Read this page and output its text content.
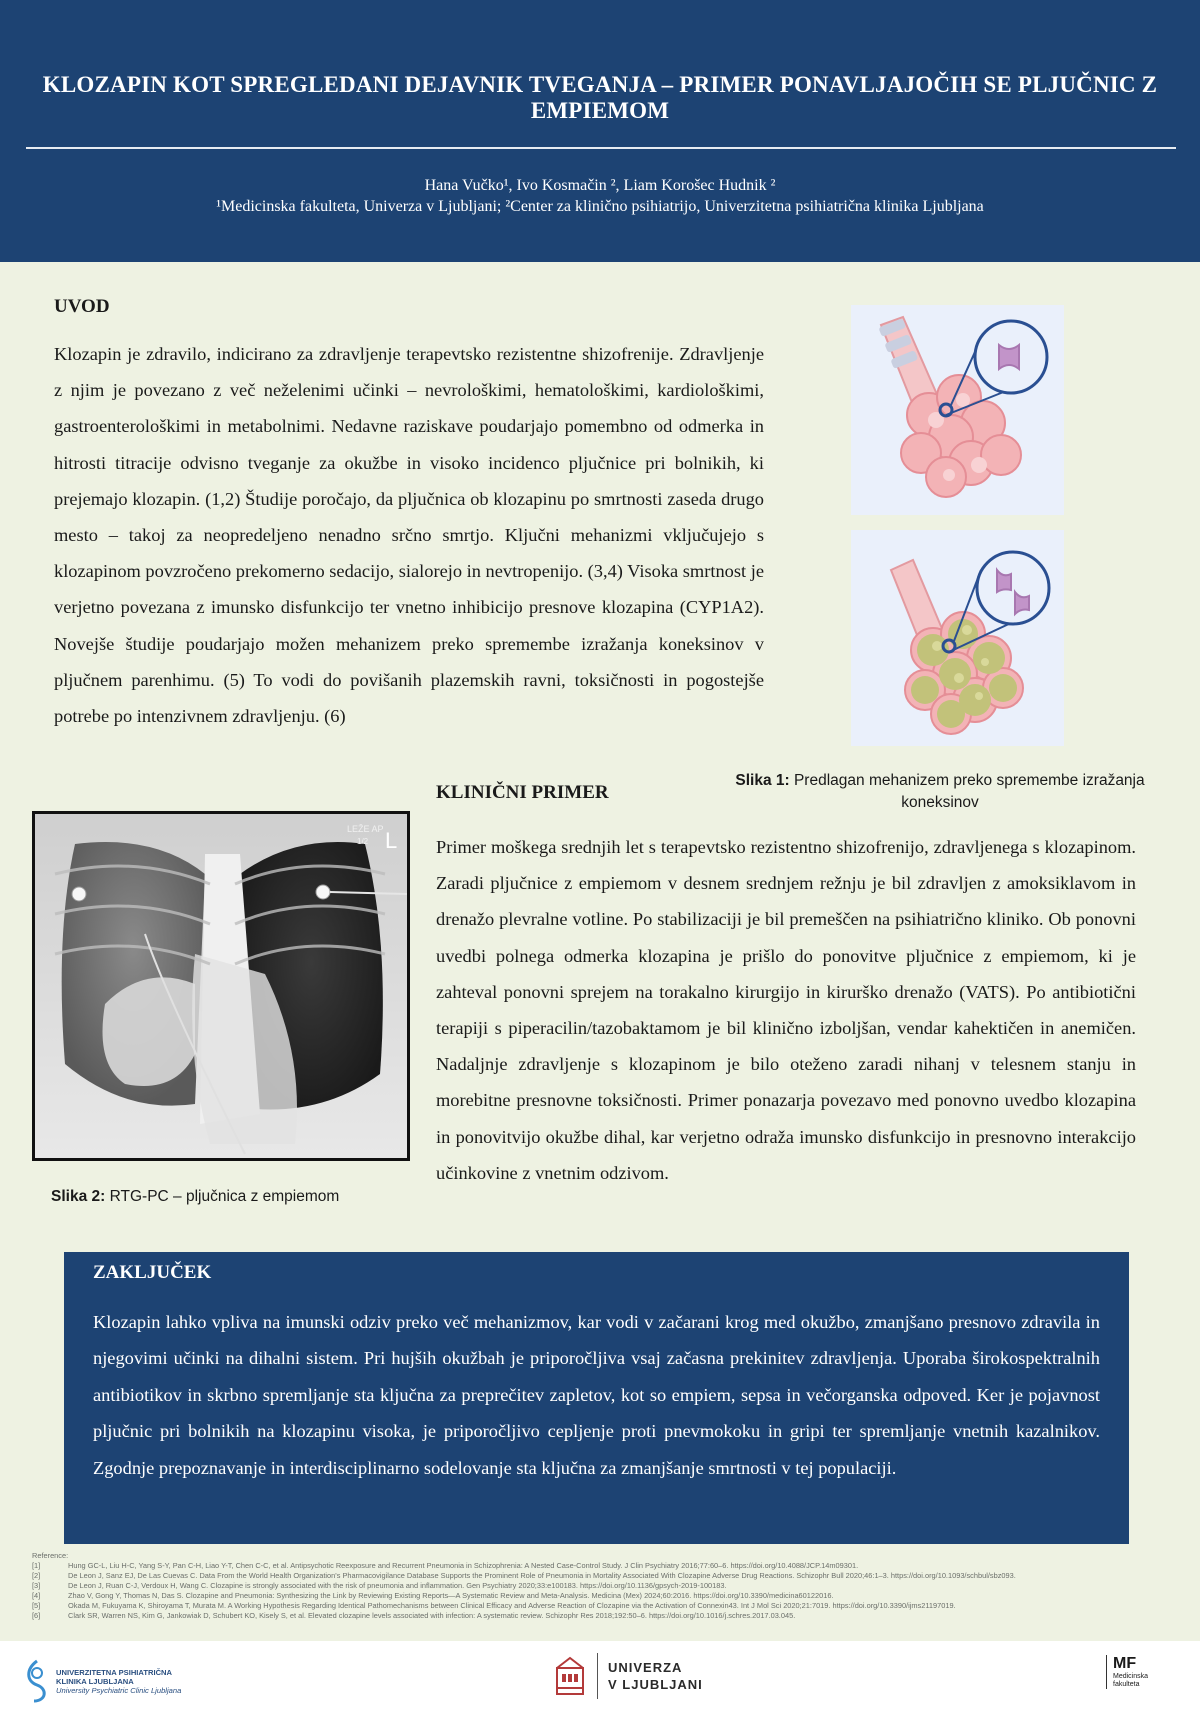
KLOZAPIN KOT SPREGLEDANI DEJAVNIK TVEGANJA – PRIMER PONAVLJAJOČIH SE PLJUČNIC Z EMPIEMOM
Hana Vučko¹, Ivo Kosmačin ², Liam Korošec Hudnik ²
¹Medicinska fakulteta, Univerza v Ljubljani; ²Center za klinično psihiatrijo, Univerzitetna psihiatrična klinika Ljubljana
UVOD
Klozapin je zdravilo, indicirano za zdravljenje terapevtsko rezistentne shizofrenije. Zdravljenje z njim je povezano z več neželenimi učinki – nevrološkimi, hematološkimi, kardiološkimi, gastroenterološkimi in metabolnimi. Nedavne raziskave poudarjajo pomembno od odmerka in hitrosti titracije odvisno tveganje za okužbe in visoko incidenco pljučnice pri bolnikih, ki prejemajo klozapin. (1,2) Študije poročajo, da pljučnica ob klozapinu po smrtnosti zaseda drugo mesto – takoj za neopredeljeno nenadno srčno smrtjo. Ključni mehanizmi vključujejo s klozapinom povzročeno prekomerno sedacijo, sialorejo in nevtropenijo. (3,4) Visoka smrtnost je verjetno povezana z imunsko disfunkcijo ter vnetno inhibicijo presnove klozapina (CYP1A2). Novejše študije poudarjajo možen mehanizem preko spremembe izražanja koneksinov v pljučnem parenhimu. (5) To vodi do povišanih plazemskih ravni, toksičnosti in pogostejše potrebe po intenzivnem zdravljenju. (6)
Slika 1: Predlagan mehanizem preko spremembe izražanja koneksinov
LEŽE AP
1/2 L
Slika 2: RTG-PC – pljučnica z empiemom
KLINIČNI PRIMER
Primer moškega srednjih let s terapevtsko rezistentno shizofrenijo, zdravljenega s klozapinom. Zaradi pljučnice z empiemom v desnem srednjem režnju je bil zdravljen z amoksiklavom in drenažo plevralne votline. Po stabilizaciji je bil premeščen na psihiatrično kliniko. Ob ponovni uvedbi polnega odmerka klozapina je prišlo do ponovitve pljučnice z empiemom, ki je zahteval ponovni sprejem na torakalno kirurgijo in kirurško drenažo (VATS). Po antibiotični terapiji s piperacilin/tazobaktamom je bil klinično izboljšan, vendar kahektičen in anemičen. Nadaljnje zdravljenje s klozapinom je bilo oteženo zaradi nihanj v telesnem stanju in morebitne presnovne toksičnosti. Primer ponazarja povezavo med ponovno uvedbo klozapina in ponovitvijo okužbe dihal, kar verjetno odraža imunsko disfunkcijo in presnovno interakcijo učinkovine z vnetnim odzivom.
ZAKLJUČEK
Klozapin lahko vpliva na imunski odziv preko več mehanizmov, kar vodi v začarani krog med okužbo, zmanjšano presnovo zdravila in njegovimi učinki na dihalni sistem. Pri hujših okužbah je priporočljiva vsaj začasna prekinitev zdravljenja. Uporaba širokospektralnih antibiotikov in skrbno spremljanje sta ključna za preprečitev zapletov, kot so empiem, sepsa in večorganska odpoved. Ker je pojavnost pljučnic pri bolnikih na klozapinu visoka, je priporočljivo cepljenje proti pnevmokoku in gripi ter spremljanje vnetnih kazalnikov. Zgodnje prepoznavanje in interdisciplinarno sodelovanje sta ključna za zmanjšanje smrtnosti v tej populaciji.
Reference:
[1]	Hung GC-L, Liu H-C, Yang S-Y, Pan C-H, Liao Y-T, Chen C-C, et al. Antipsychotic Reexposure and Recurrent Pneumonia in Schizophrenia: A Nested Case-Control Study. J Clin Psychiatry 2016;77:60–6. https://doi.org/10.4088/JCP.14m09301.
[2]	De Leon J, Sanz EJ, De Las Cuevas C. Data From the World Health Organization's Pharmacovigilance Database Supports the Prominent Role of Pneumonia in Mortality Associated With Clozapine Adverse Drug Reactions. Schizophr Bull 2020;46:1–3. https://doi.org/10.1093/schbul/sbz093.
[3]	De Leon J, Ruan C-J, Verdoux H, Wang C. Clozapine is strongly associated with the risk of pneumonia and inflammation. Gen Psychiatry 2020;33:e100183. https://doi.org/10.1136/gpsych-2019-100183.
[4]	Zhao V, Gong Y, Thomas N, Das S. Clozapine and Pneumonia: Synthesizing the Link by Reviewing Existing Reports—A Systematic Review and Meta-Analysis. Medicina (Mex) 2024;60:2016. https://doi.org/10.3390/medicina60122016.
[5]	Okada M, Fukuyama K, Shiroyama T, Murata M. A Working Hypothesis Regarding Identical Pathomechanisms between Clinical Efficacy and Adverse Reaction of Clozapine via the Activation of Connexin43. Int J Mol Sci 2020;21:7019. https://doi.org/10.3390/ijms21197019.
[6]	Clark SR, Warren NS, Kim G, Jankowiak D, Schubert KO, Kisely S, et al. Elevated clozapine levels associated with infection: A systematic review. Schizophr Res 2018;192:50–6. https://doi.org/10.1016/j.schres.2017.03.045.
UNIVERZITETNA PSIHIATRIČNA
KLINIKA LJUBLJANA
University Psychiatric Clinic Ljubljana
UNIVERZA
V LJUBLJANI
MF
Medicinska
fakulteta
